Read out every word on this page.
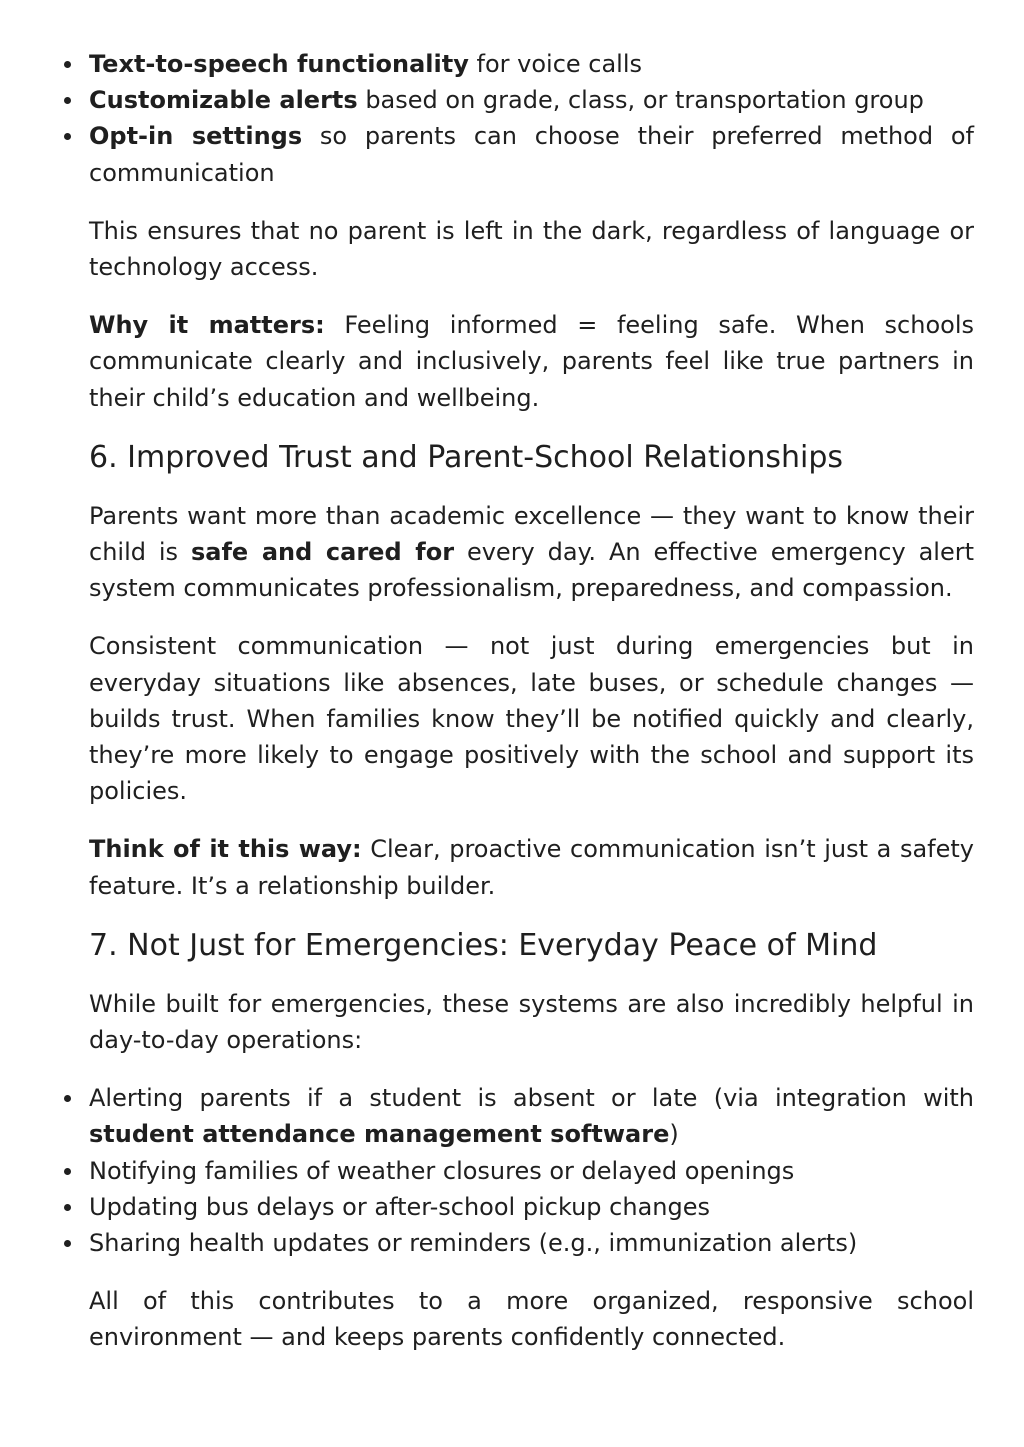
Text-to-speech functionality for voice calls
Customizable alerts based on grade, class, or transportation group
Opt-in settings so parents can choose their preferred method of communication

This ensures that no parent is left in the dark, regardless of language or technology access.

Why it matters: Feeling informed = feeling safe. When schools communicate clearly and inclusively, parents feel like true partners in their child’s education and wellbeing.

6. Improved Trust and Parent-School Relationships

Parents want more than academic excellence — they want to know their child is safe and cared for every day. An effective emergency alert system communicates professionalism, preparedness, and compassion.

Consistent communication — not just during emergencies but in everyday situations like absences, late buses, or schedule changes — builds trust. When families know they’ll be notified quickly and clearly, they’re more likely to engage positively with the school and support its policies.

Think of it this way: Clear, proactive communication isn’t just a safety feature. It’s a relationship builder.

7. Not Just for Emergencies: Everyday Peace of Mind

While built for emergencies, these systems are also incredibly helpful in day-to-day operations:

Alerting parents if a student is absent or late (via integration with student attendance management software)
Notifying families of weather closures or delayed openings
Updating bus delays or after-school pickup changes
Sharing health updates or reminders (e.g., immunization alerts)

All of this contributes to a more organized, responsive school environment — and keeps parents confidently connected.
